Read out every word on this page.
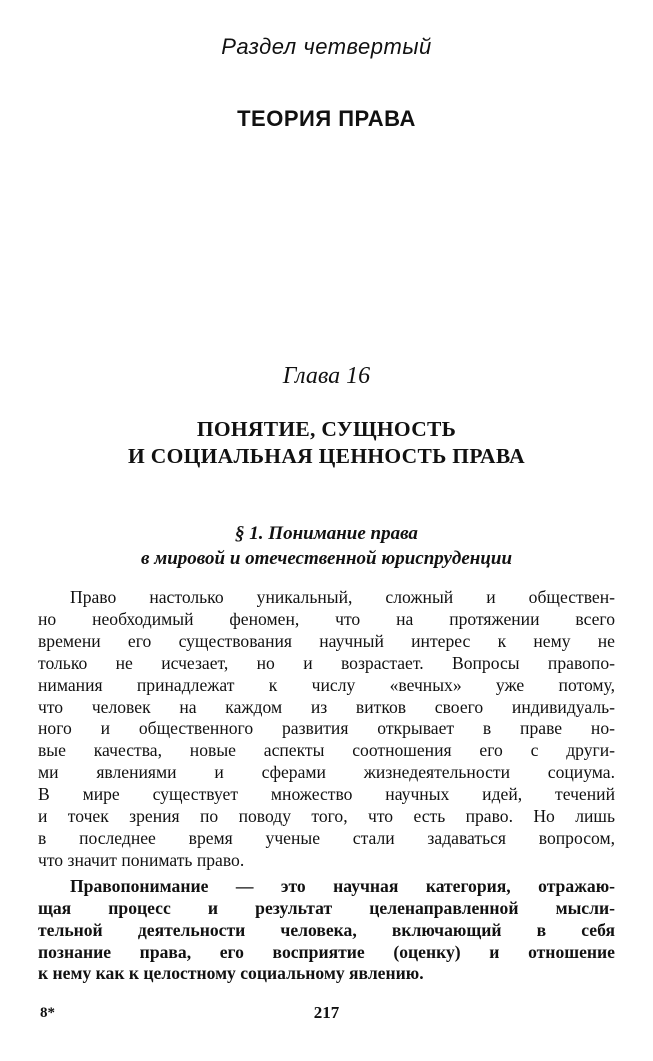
Раздел четвертый
ТЕОРИЯ ПРАВА
Глава 16
ПОНЯТИЕ, СУЩНОСТЬ
И СОЦИАЛЬНАЯ ЦЕННОСТЬ ПРАВА
§ 1. Понимание права
в мировой и отечественной юриспруденции
Право настолько уникальный, сложный и обществен-
но необходимый феномен, что на протяжении всего
времени его существования научный интерес к нему не
только не исчезает, но и возрастает. Вопросы правопо-
нимания принадлежат к числу «вечных» уже потому,
что человек на каждом из витков своего индивидуаль-
ного и общественного развития открывает в праве но-
вые качества, новые аспекты соотношения его с други-
ми явлениями и сферами жизнедеятельности социума.
В мире существует множество научных идей, течений
и точек зрения по поводу того, что есть право. Но лишь
в последнее время ученые стали задаваться вопросом,
что значит понимать право.
Правопонимание — это научная категория, отражаю-
щая процесс и результат целенаправленной мысли-
тельной деятельности человека, включающий в себя
познание права, его восприятие (оценку) и отношение
к нему как к целостному социальному явлению.
8*	217
